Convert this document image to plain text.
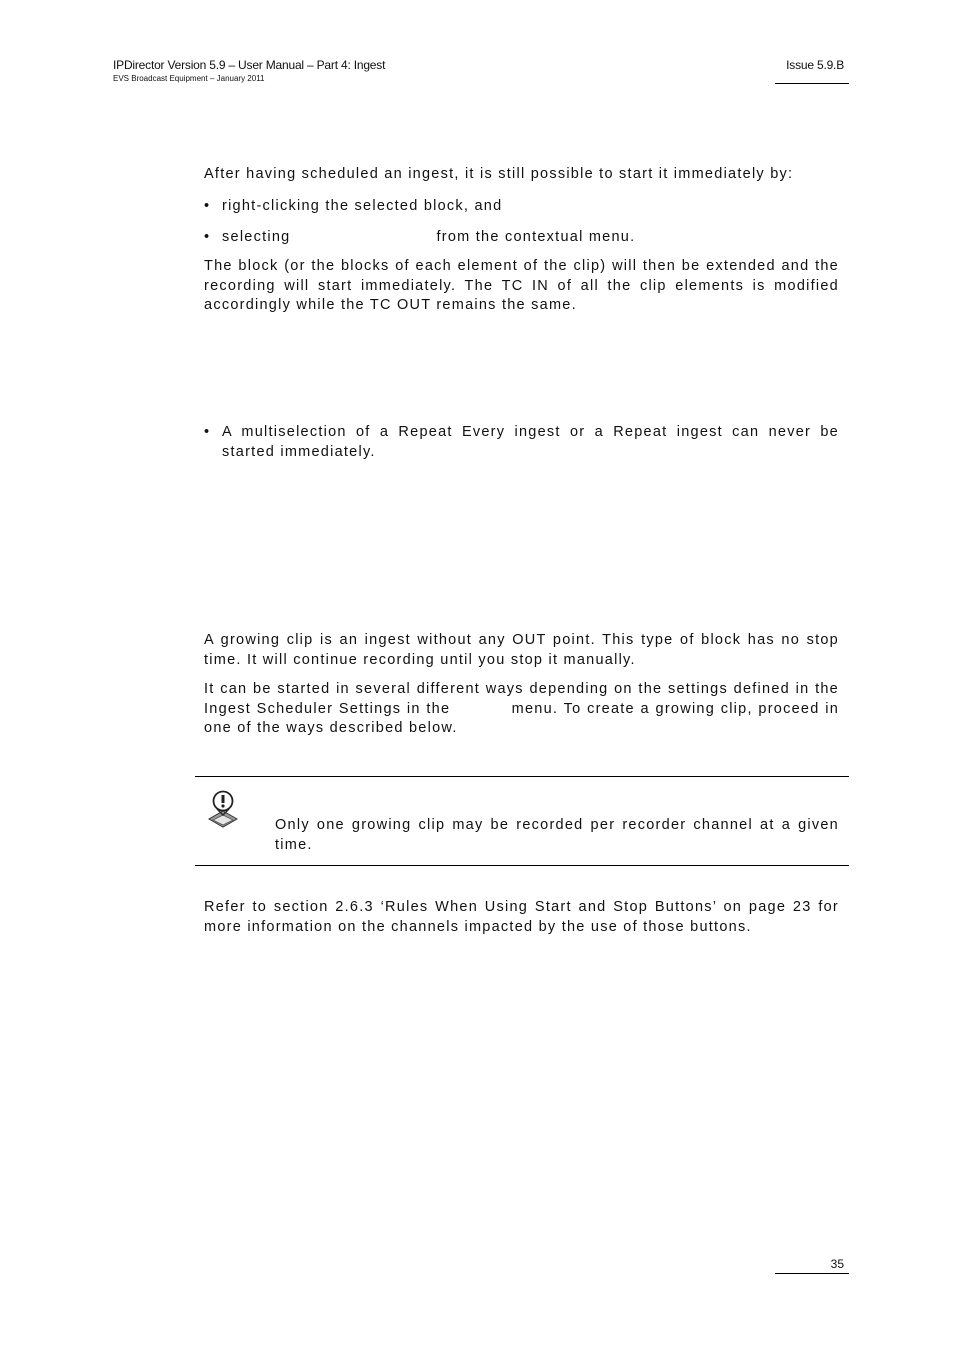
IPDirector Version 5.9 – User Manual – Part 4: Ingest
EVS Broadcast Equipment – January 2011
Issue 5.9.B

After having scheduled an ingest, it is still possible to start it immediately by:

• right-clicking the selected block, and
• selecting	from the contextual menu.

The block (or the blocks of each element of the clip) will then be extended and the recording will start immediately. The TC IN of all the clip elements is modified accordingly while the TC OUT remains the same.

• A multiselection of a Repeat Every ingest or a Repeat ingest can never be started immediately.

A growing clip is an ingest without any OUT point. This type of block has no stop time. It will continue recording until you stop it manually.

It can be started in several different ways depending on the settings defined in the Ingest Scheduler Settings in the	menu. To create a growing clip, proceed in one of the ways described below.

Only one growing clip may be recorded per recorder channel at a given time.

Refer to section 2.6.3 ‘Rules When Using Start and Stop Buttons’ on page 23 for more information on the channels impacted by the use of those buttons.

35
